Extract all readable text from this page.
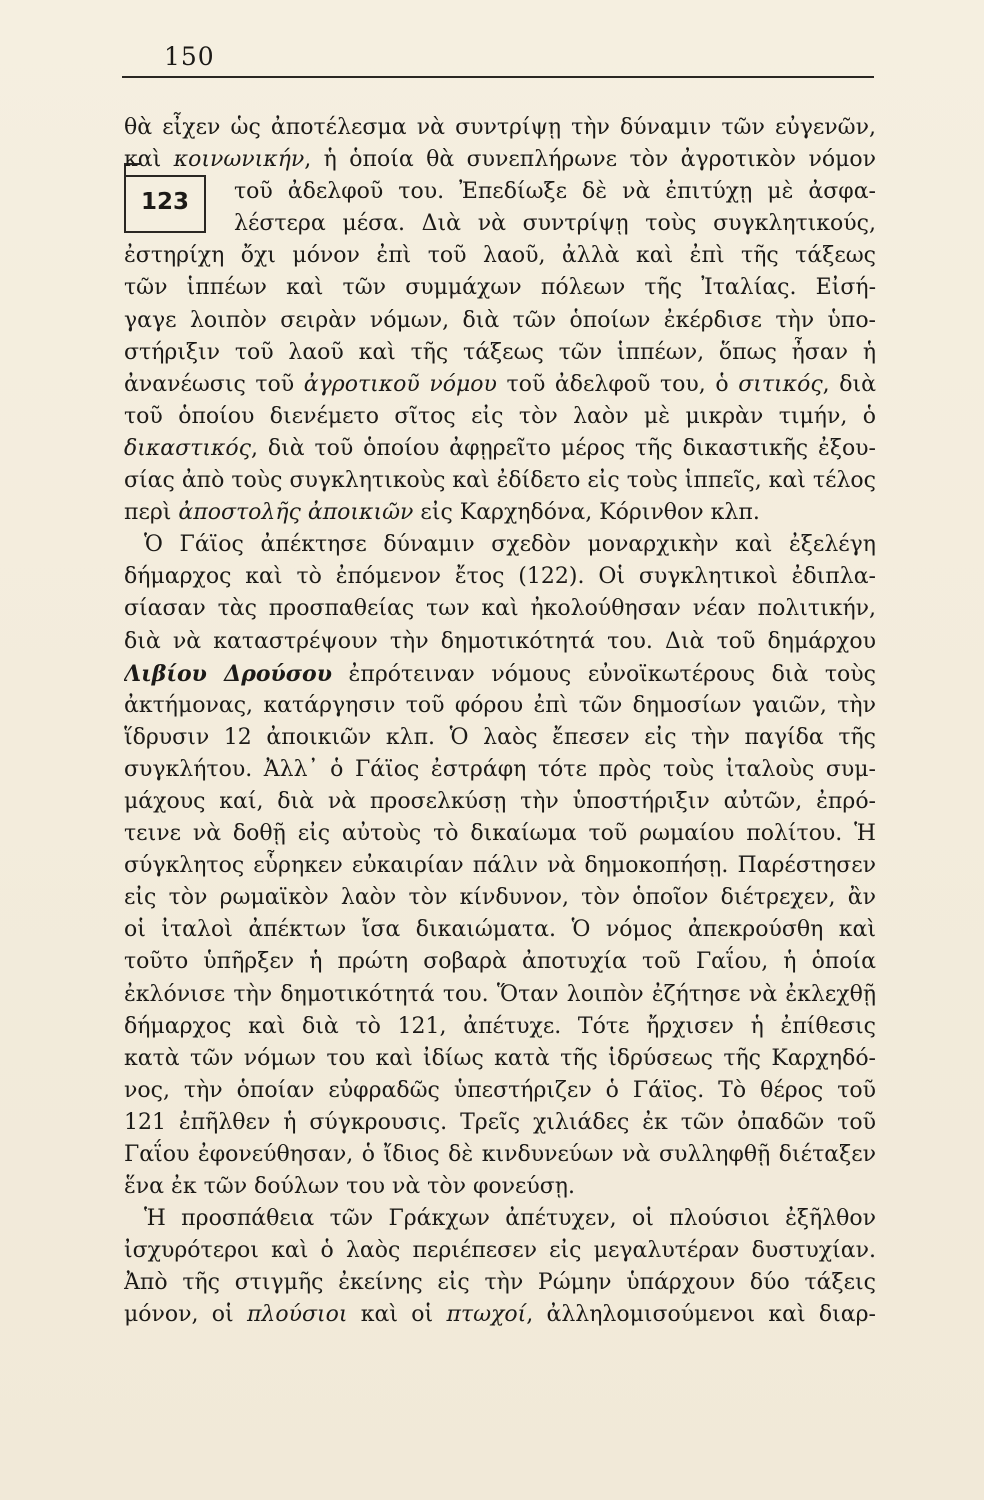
150
123
θὰ εἶχεν ὡς ἀποτέλεσμα νὰ συντρίψῃ τὴν δύναμιν τῶν εὐγενῶν,
καὶ κοινωνικήν, ἡ ὁποία θὰ συνεπλήρωνε τὸν ἀγροτικὸν νόμον
τοῦ ἀδελφοῦ του. Ἐπεδίωξε δὲ νὰ ἐπιτύχῃ μὲ ἀσφα-
λέστερα μέσα. Διὰ νὰ συντρίψῃ τοὺς συγκλητικούς,
ἐστηρίχη ὄχι μόνον ἐπὶ τοῦ λαοῦ, ἀλλὰ καὶ ἐπὶ τῆς τάξεως
τῶν ἱππέων καὶ τῶν συμμάχων πόλεων τῆς Ἰταλίας. Εἰσή-
γαγε λοιπὸν σειρὰν νόμων, διὰ τῶν ὁποίων ἐκέρδισε τὴν ὑπο-
στήριξιν τοῦ λαοῦ καὶ τῆς τάξεως τῶν ἱππέων, ὅπως ἦσαν ἡ
ἀνανέωσις τοῦ ἀγροτικοῦ νόμου τοῦ ἀδελφοῦ του, ὁ σιτικός, διὰ
τοῦ ὁποίου διενέμετο σῖτος εἰς τὸν λαὸν μὲ μικρὰν τιμήν, ὁ
δικαστικός, διὰ τοῦ ὁποίου ἀφῃρεῖτο μέρος τῆς δικαστικῆς ἐξου-
σίας ἀπὸ τοὺς συγκλητικοὺς καὶ ἐδίδετο εἰς τοὺς ἱππεῖς, καὶ τέλος
περὶ ἀποστολῆς ἀποικιῶν εἰς Καρχηδόνα, Κόρινθον κλπ.
Ὁ Γάϊος ἀπέκτησε δύναμιν σχεδὸν μοναρχικὴν καὶ ἐξελέγη
δήμαρχος καὶ τὸ ἐπόμενον ἔτος (122). Οἱ συγκλητικοὶ ἐδιπλα-
σίασαν τὰς προσπαθείας των καὶ ἠκολούθησαν νέαν πολιτικήν,
διὰ νὰ καταστρέψουν τὴν δημοτικότητά του. Διὰ τοῦ δημάρχου
Λιβίου Δρούσου ἐπρότειναν νόμους εὐνοϊκωτέρους διὰ τοὺς
ἀκτήμονας, κατάργησιν τοῦ φόρου ἐπὶ τῶν δημοσίων γαιῶν, τὴν
ἵδρυσιν 12 ἀποικιῶν κλπ. Ὁ λαὸς ἔπεσεν εἰς τὴν παγίδα τῆς
συγκλήτου. Ἀλλ᾽ ὁ Γάϊος ἐστράφη τότε πρὸς τοὺς ἰταλοὺς συμ-
μάχους καί, διὰ νὰ προσελκύσῃ τὴν ὑποστήριξιν αὐτῶν, ἐπρό-
τεινε νὰ δοθῇ εἰς αὐτοὺς τὸ δικαίωμα τοῦ ρωμαίου πολίτου. Ἡ
σύγκλητος εὗρηκεν εὐκαιρίαν πάλιν νὰ δημοκοπήσῃ. Παρέστησεν
εἰς τὸν ρωμαϊκὸν λαὸν τὸν κίνδυνον, τὸν ὁποῖον διέτρεχεν, ἂν
οἱ ἰταλοὶ ἀπέκτων ἴσα δικαιώματα. Ὁ νόμος ἀπεκρούσθη καὶ
τοῦτο ὑπῆρξεν ἡ πρώτη σοβαρὰ ἀποτυχία τοῦ Γαΐου, ἡ ὁποία
ἐκλόνισε τὴν δημοτικότητά του. Ὅταν λοιπὸν ἐζήτησε νὰ ἐκλεχθῇ
δήμαρχος καὶ διὰ τὸ 121, ἀπέτυχε. Τότε ἤρχισεν ἡ ἐπίθεσις
κατὰ τῶν νόμων του καὶ ἰδίως κατὰ τῆς ἱδρύσεως τῆς Καρχηδό-
νος, τὴν ὁποίαν εὐφραδῶς ὑπεστήριζεν ὁ Γάϊος. Τὸ θέρος τοῦ
121 ἐπῆλθεν ἡ σύγκρουσις. Τρεῖς χιλιάδες ἐκ τῶν ὀπαδῶν τοῦ
Γαΐου ἐφονεύθησαν, ὁ ἴδιος δὲ κινδυνεύων νὰ συλληφθῇ διέταξεν
ἕνα ἐκ τῶν δούλων του νὰ τὸν φονεύσῃ.
Ἡ προσπάθεια τῶν Γράκχων ἀπέτυχεν, οἱ πλούσιοι ἐξῆλθον
ἰσχυρότεροι καὶ ὁ λαὸς περιέπεσεν εἰς μεγαλυτέραν δυστυχίαν.
Ἀπὸ τῆς στιγμῆς ἐκείνης εἰς τὴν Ρώμην ὑπάρχουν δύο τάξεις
μόνον, οἱ πλούσιοι καὶ οἱ πτωχοί, ἀλληλομισούμενοι καὶ διαρ-
